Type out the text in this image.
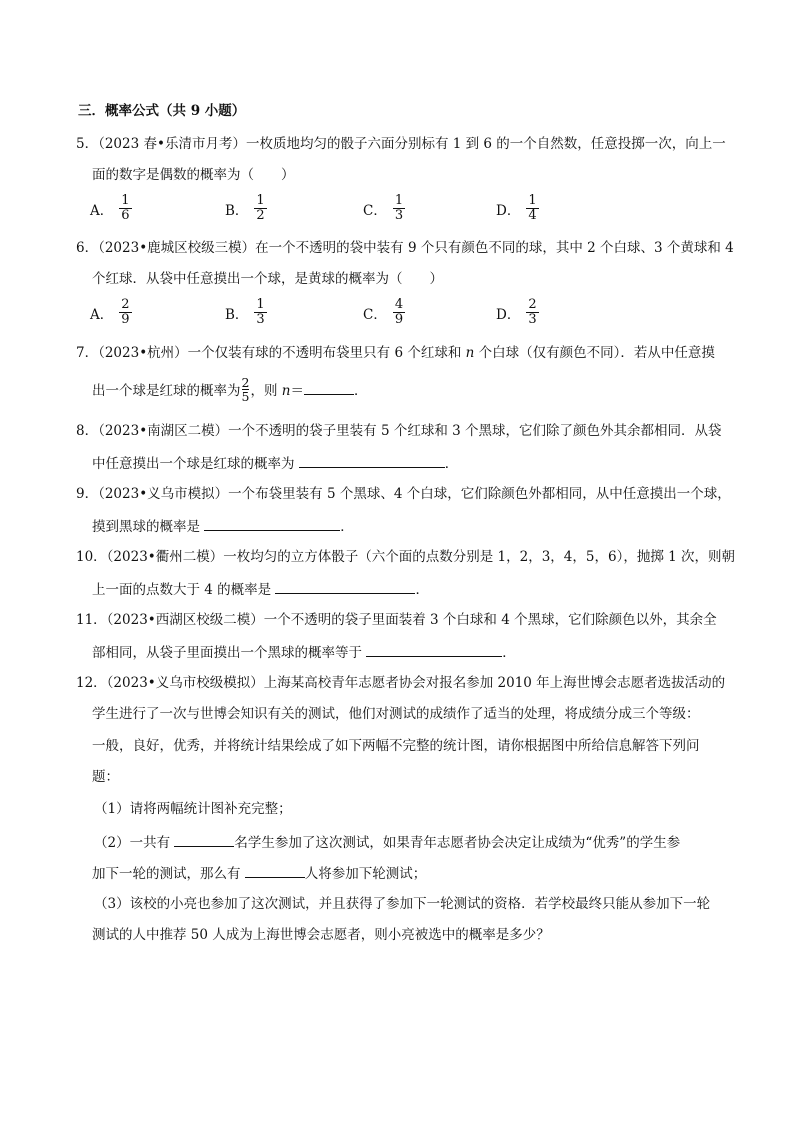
三．概率公式（共 9 小题）
5．（2023 春•乐清市月考）一枚质地均匀的骰子六面分别标有 1 到 6 的一个自然数，任意投掷一次，向上一
面的数字是偶数的概率为（　　）
A． $\frac{1}{6}$	B． $\frac{1}{2}$	C． $\frac{1}{3}$	D． $\frac{1}{4}$
6．（2023•鹿城区校级三模）在一个不透明的袋中装有 9 个只有颜色不同的球，其中 2 个白球、3 个黄球和 4
个红球．从袋中任意摸出一个球，是黄球的概率为（　　）
A． $\frac{2}{9}$	B． $\frac{1}{3}$	C． $\frac{4}{9}$	D． $\frac{2}{3}$
7．（2023•杭州）一个仅装有球的不透明布袋里只有 6 个红球和 n 个白球（仅有颜色不同）．若从中任意摸
出一个球是红球的概率为 $\frac{2}{5}$ ，则 n＝	．
8．（2023•南湖区二模）一个不透明的袋子里装有 5 个红球和 3 个黑球，它们除了颜色外其余都相同．从袋
中任意摸出一个球是红球的概率为	．
9．（2023•义乌市模拟）一个布袋里装有 5 个黑球、4 个白球，它们除颜色外都相同，从中任意摸出一个球，
摸到黑球的概率是	．
10．（2023•衢州二模）一枚均匀的立方体骰子（六个面的点数分别是 1，2，3，4，5，6），抛掷 1 次，则朝
上一面的点数大于 4 的概率是	．
11．（2023•西湖区校级二模）一个不透明的袋子里面装着 3 个白球和 4 个黑球，它们除颜色以外，其余全
部相同，从袋子里面摸出一个黑球的概率等于	．
12．（2023•义乌市校级模拟）上海某高校青年志愿者协会对报名参加 2010 年上海世博会志愿者选拔活动的
学生进行了一次与世博会知识有关的测试，他们对测试的成绩作了适当的处理，将成绩分成三个等级：
一般，良好，优秀，并将统计结果绘成了如下两幅不完整的统计图，请你根据图中所给信息解答下列问
题：
（1）请将两幅统计图补充完整；
（2）一共有	名学生参加了这次测试，如果青年志愿者协会决定让成绩为“优秀”的学生参
加下一轮的测试，那么有	人将参加下轮测试；
（3）该校的小亮也参加了这次测试，并且获得了参加下一轮测试的资格．若学校最终只能从参加下一轮
测试的人中推荐 50 人成为上海世博会志愿者，则小亮被选中的概率是多少？
